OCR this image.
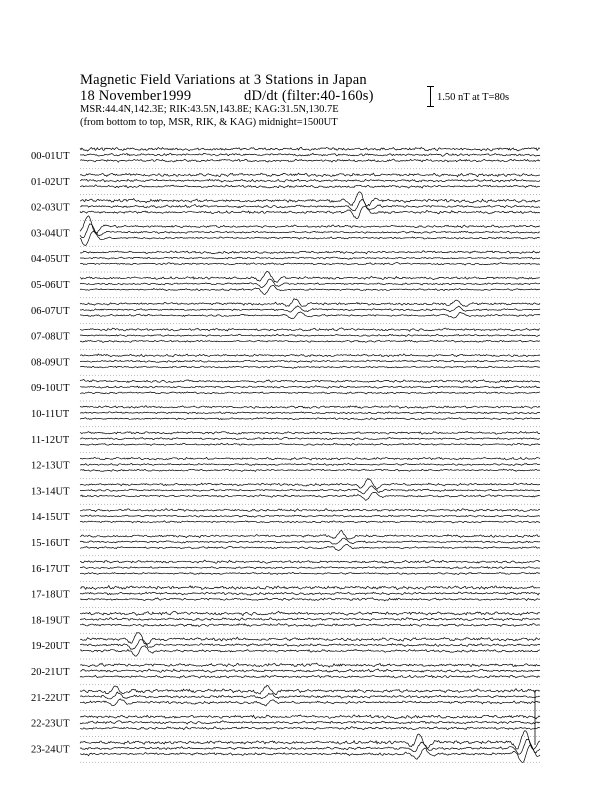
Magnetic Field Variations at 3 Stations in Japan
18 November1999	dD/dt (filter:40-160s)
MSR:44.4N,142.3E; RIK:43.5N,143.8E; KAG:31.5N,130.7E
(from bottom to top, MSR, RIK, & KAG) midnight=1500UT
1.50 nT at T=80s
00-01UT
01-02UT
02-03UT
03-04UT
04-05UT
05-06UT
06-07UT
07-08UT
08-09UT
09-10UT
10-11UT
11-12UT
12-13UT
13-14UT
14-15UT
15-16UT
16-17UT
17-18UT
18-19UT
19-20UT
20-21UT
21-22UT
22-23UT
23-24UT
